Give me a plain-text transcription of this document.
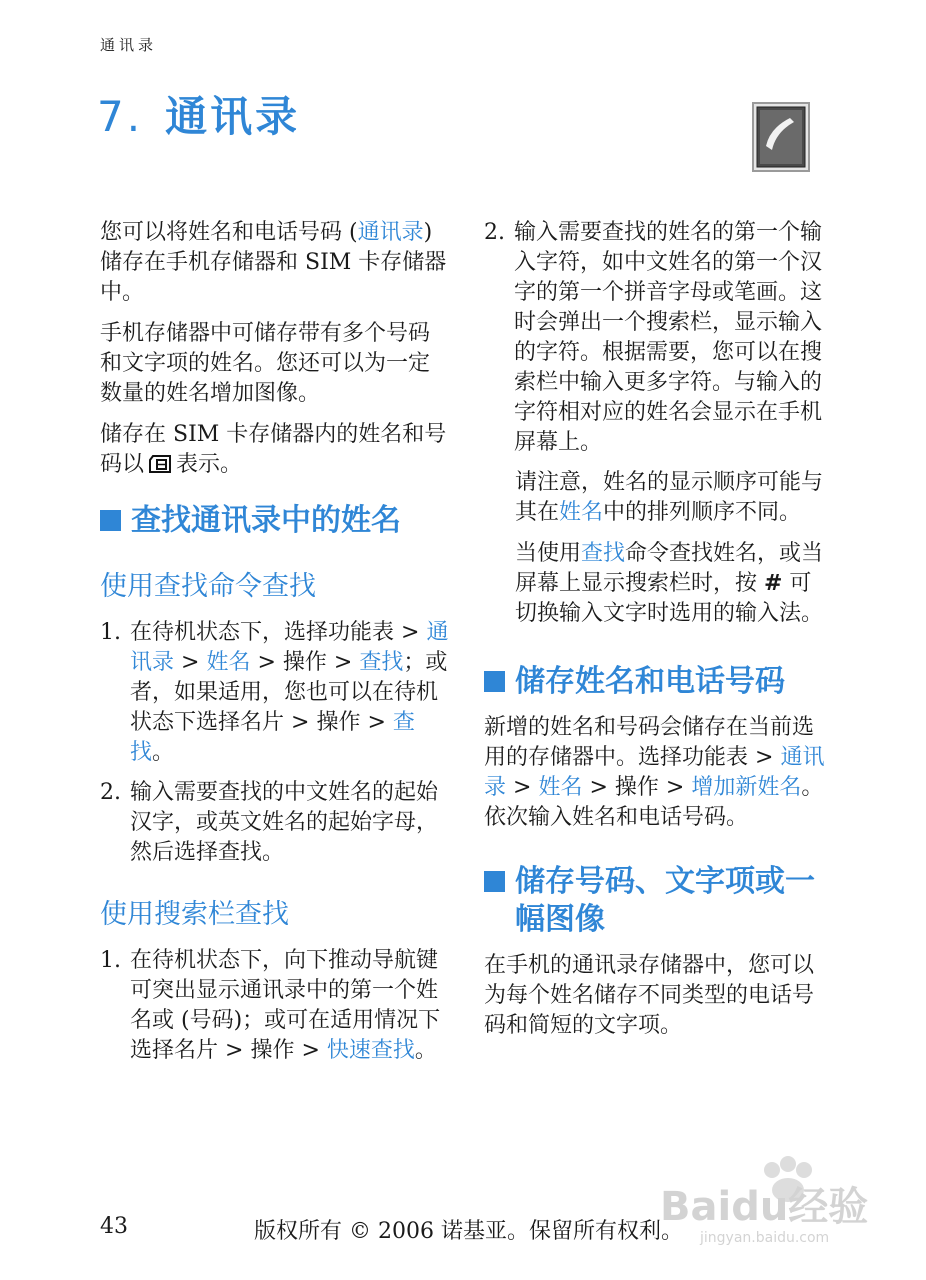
通讯录
7. 通讯录

您可以将姓名和电话号码 (通讯录) 储存在手机存储器和 SIM 卡存储器中。

手机存储器中可储存带有多个号码和文字项的姓名。您还可以为一定数量的姓名增加图像。

储存在 SIM 卡存储器内的姓名和号码以 表示。

查找通讯录中的姓名
使用查找命令查找
1. 在待机状态下，选择功能表 > 通讯录 > 姓名 > 操作 > 查找；或者，如果适用，您也可以在待机状态下选择名片 > 操作 > 查找。
2. 输入需要查找的中文姓名的起始汉字，或英文姓名的起始字母，然后选择查找。
使用搜索栏查找
1. 在待机状态下，向下推动导航键可突出显示通讯录中的第一个姓名或 (号码)；或可在适用情况下选择名片 > 操作 > 快速查找。
2. 输入需要查找的姓名的第一个输入字符，如中文姓名的第一个汉字的第一个拼音字母或笔画。这时会弹出一个搜索栏，显示输入的字符。根据需要，您可以在搜索栏中输入更多字符。与输入的字符相对应的姓名会显示在手机屏幕上。

请注意，姓名的显示顺序可能与其在姓名中的排列顺序不同。

当使用查找命令查找姓名，或当屏幕上显示搜索栏时，按 # 可切换输入文字时选用的输入法。

储存姓名和电话号码

新增的姓名和号码会储存在当前选用的存储器中。选择功能表 > 通讯录 > 姓名 > 操作 > 增加新姓名。依次输入姓名和电话号码。

储存号码、文字项或一幅图像

在手机的通讯录存储器中，您可以为每个姓名储存不同类型的电话号码和简短的文字项。

Baidu经验
jingyan.baidu.com
43	版权所有 © 2006 诺基亚。保留所有权利。
